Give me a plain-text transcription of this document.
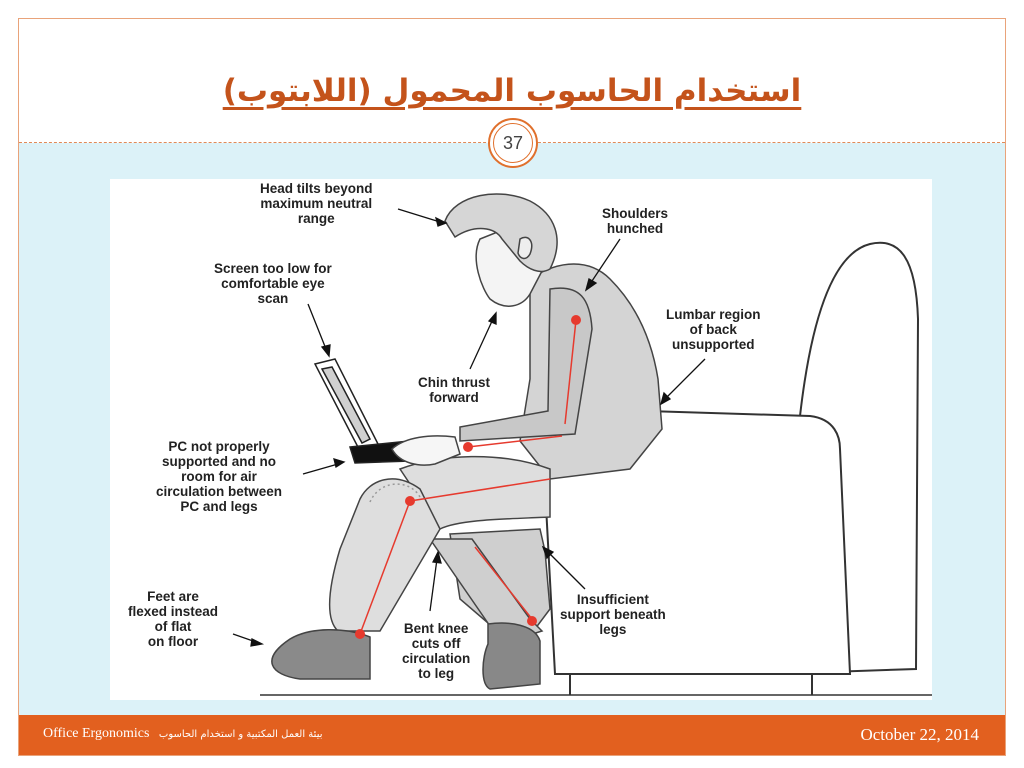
استخدام الحاسوب المحمول (اللابتوب)
37
Head tilts beyond
maximum neutral
range	Shoulders
hunched
Screen too low for
comfortable eye
scan
Lumbar region
of back
unsupported
Chin thrust
forward
PC not properly
supported and no
room for air
circulation between
PC and legs
Feet are
flexed instead
of flat
on floor
Bent knee
cuts off
circulation
to leg
Insufficient
support beneath
legs
Office Ergonomics بيئة العمل المكتبية و استخدام الحاسوب	October 22, 2014
